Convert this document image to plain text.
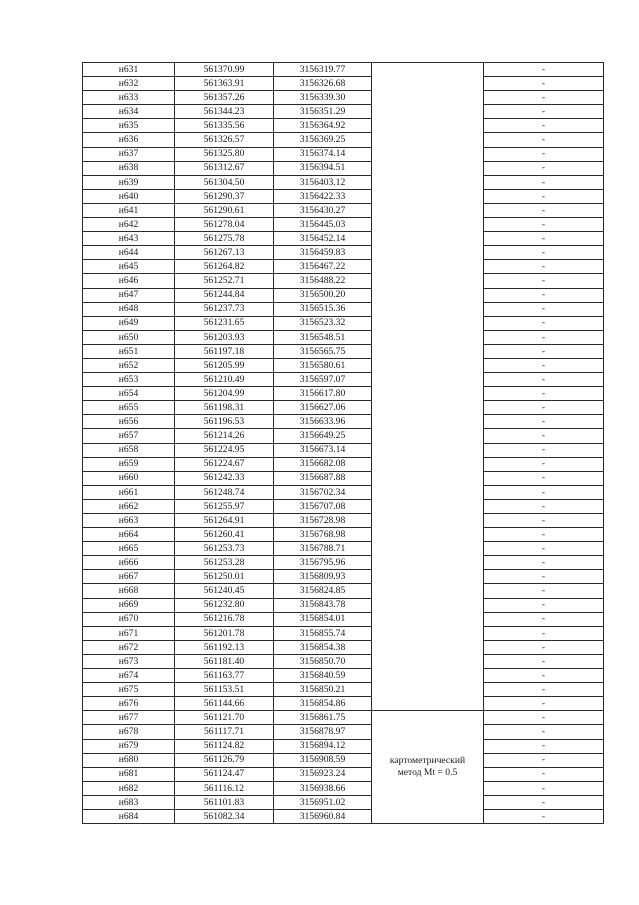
н631	561370.99	3156319.77		-
н632	561363.91	3156326.68		-
н633	561357.26	3156339.30		-
н634	561344.23	3156351.29		-
н635	561335.56	3156364.92		-
н636	561326.57	3156369.25		-
н637	561325.80	3156374.14		-
н638	561312.67	3156394.51		-
н639	561304.50	3156403.12		-
н640	561290.37	3156422.33		-
н641	561290.61	3156430.27		-
н642	561278.04	3156445.03		-
н643	561275.78	3156452.14		-
н644	561267.13	3156459.83		-
н645	561264.82	3156467.22		-
н646	561252.71	3156488.22		-
н647	561244.84	3156500.20		-
н648	561237.73	3156515.36		-
н649	561231.65	3156523.32		-
н650	561203.93	3156548.51		-
н651	561197.18	3156565.75		-
н652	561205.99	3156580.61		-
н653	561210.49	3156597.07		-
н654	561204.99	3156617.80		-
н655	561198.31	3156627.06		-
н656	561196.53	3156633.96		-
н657	561214.26	3156649.25		-
н658	561224.95	3156673.14		-
н659	561224.67	3156682.08		-
н660	561242.33	3156687.88		-
н661	561248.74	3156702.34		-
н662	561255.97	3156707.08		-
н663	561264.91	3156728.98		-
н664	561260.41	3156768.98		-
н665	561253.73	3156788.71		-
н666	561253.28	3156795.96		-
н667	561250.01	3156809.93		-
н668	561240.45	3156824.85		-
н669	561232.80	3156843.78		-
н670	561216.78	3156854.01		-
н671	561201.78	3156855.74		-
н672	561192.13	3156854.38		-
н673	561181.40	3156850.70		-
н674	561163.77	3156840.59		-
н675	561153.51	3156850.21		-
н676	561144.66	3156854.86		-
н677	561121.70	3156861.75	картометрический метод Mt = 0.5	-
н678	561117.71	3156878.97		-
н679	561124.82	3156894.12		-
н680	561126.79	3156908.59		-
н681	561124.47	3156923.24		-
н682	561116.12	3156938.66		-
н683	561101.83	3156951.02		-
н684	561082.34	3156960.84		-
